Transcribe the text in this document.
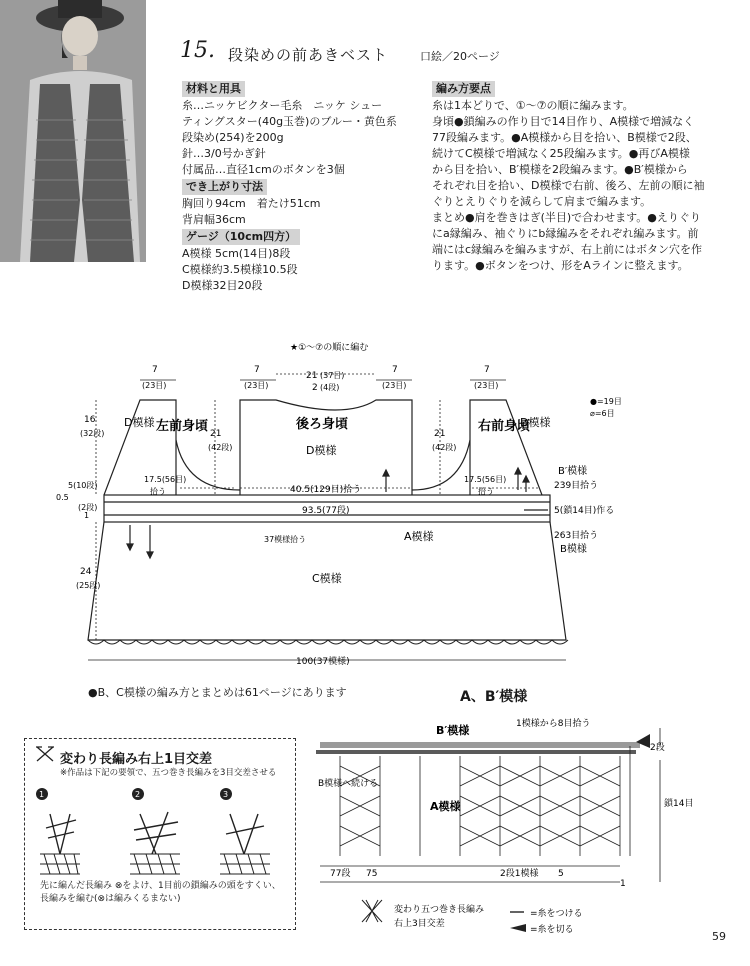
15. 段染めの前あきベスト	口絵／20ページ
材料と用具
糸…ニッケビクター毛糸　ニッケ シュー
ティングスター(40g玉巻)のブルー・黄色系
段染め(254)を200g
針…3/0号かぎ針
付属品…直径1cmのボタンを3個
でき上がり寸法
胸回り94cm　着たけ51cm
背肩幅36cm
ゲージ（10cm四方）
A模様 5cm(14目)8段
C模様約3.5模様10.5段
D模様32目20段
編み方要点
糸は1本どりで、①〜⑦の順に編みます。
身頃●鎖編みの作り目で14目作り、A模様で増減なく
77段編みます。●A模様から目を拾い、B模様で2段、
続けてC模様で増減なく25段編みます。●再びA模様
から目を拾い、B′模様を2段編みます。●B′模様から
それぞれ目を拾い、D模様で右前、後ろ、左前の順に袖
ぐりとえりぐりを減らして肩まで編みます。
まとめ●肩を巻きはぎ(半目)で合わせます。●えりぐり
にa縁編み、袖ぐりにb縁編みをそれぞれ編みます。前
端にはc縁編みを編みますが、右上前にはボタン穴を作
ります。●ボタンをつけ、形をAラインに整えます。
★①〜⑦の順に編む
左前身頃	後ろ身頃
D模様
右前身頃
D模様	D模様
A模様
C模様
B′模様
B模様
7
(23目)
7
(23目)
7
(23目)
7
(23目)
21 (37目)
2 (4段)
21
(42段)
21
(42段)
16
(32段)
5(10段)
17.5(56目)
拾う
17.5(56目)
拾う
40.5(129目)拾う
93.5(77段)
0.5
(2段)
1
239目拾う
5(鎖14目)作る
263目拾う
37模様拾う
24
(25段)
100(37模様)
●=19目
⌀=6目
●B、C模様の編み方とまとめは61ページにあります
変わり長編み右上1目交差
※作品は下記の要領で、五つ巻き長編みを3目交差させる
1	2	3
先に編んだ長編み ⊗をよけ、1目前の鎖編みの頭をすくい、
長編みを編む(⊗は編みくるまない)
A、B′模様
B′模様	1模様から8目拾う
B模様へ続ける
A模様
2段
鎖14目
77段 75	2段1模様 5
1
変わり五つ巻き長編み
右上3目交差
=糸をつける
=糸を切る	59
